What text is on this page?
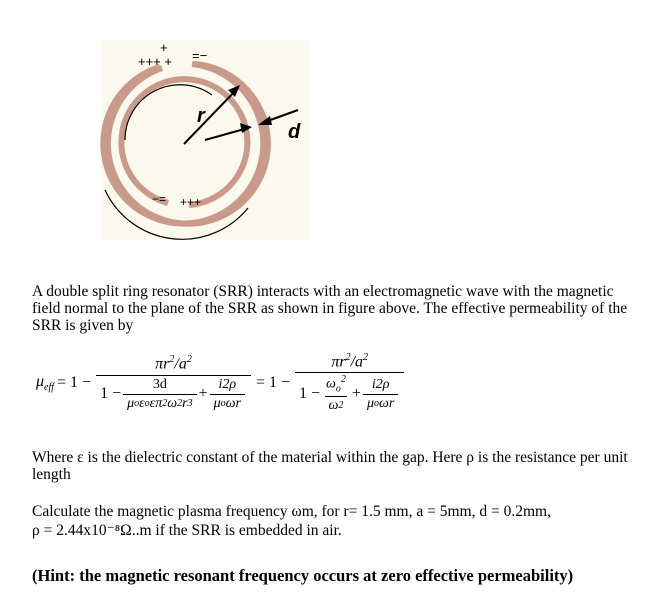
r
d
+++ +
+
=−
−= +++
A double split ring resonator (SRR) interacts with an electromagnetic wave with the magnetic
field normal to the plane of the SRR as shown in figure above. The effective permeability of the
SRR is given by
$\mu_{eff} = 1 - \frac{\pi r^2/a^2}{1 - \frac{3d}{\text{μ o ε o επ 2 ω 2 r 3}} + \frac{i2\rho}{\text{μ o ωr}}} = 1 - \frac{\pi r^2/a^2}{1 - \frac{\omega_o^2}{\omega 2} + \frac{i2\rho}{\text{μ o ωr}}}$
Where ε is the dielectric constant of the material within the gap. Here ρ is the resistance per unit
length
Calculate the magnetic plasma frequency ωm, for r= 1.5 mm, a = 5mm, d = 0.2mm,
ρ = 2.44x10⁻⁸Ω..m if the SRR is embedded in air.
(Hint: the magnetic resonant frequency occurs at zero effective permeability)
